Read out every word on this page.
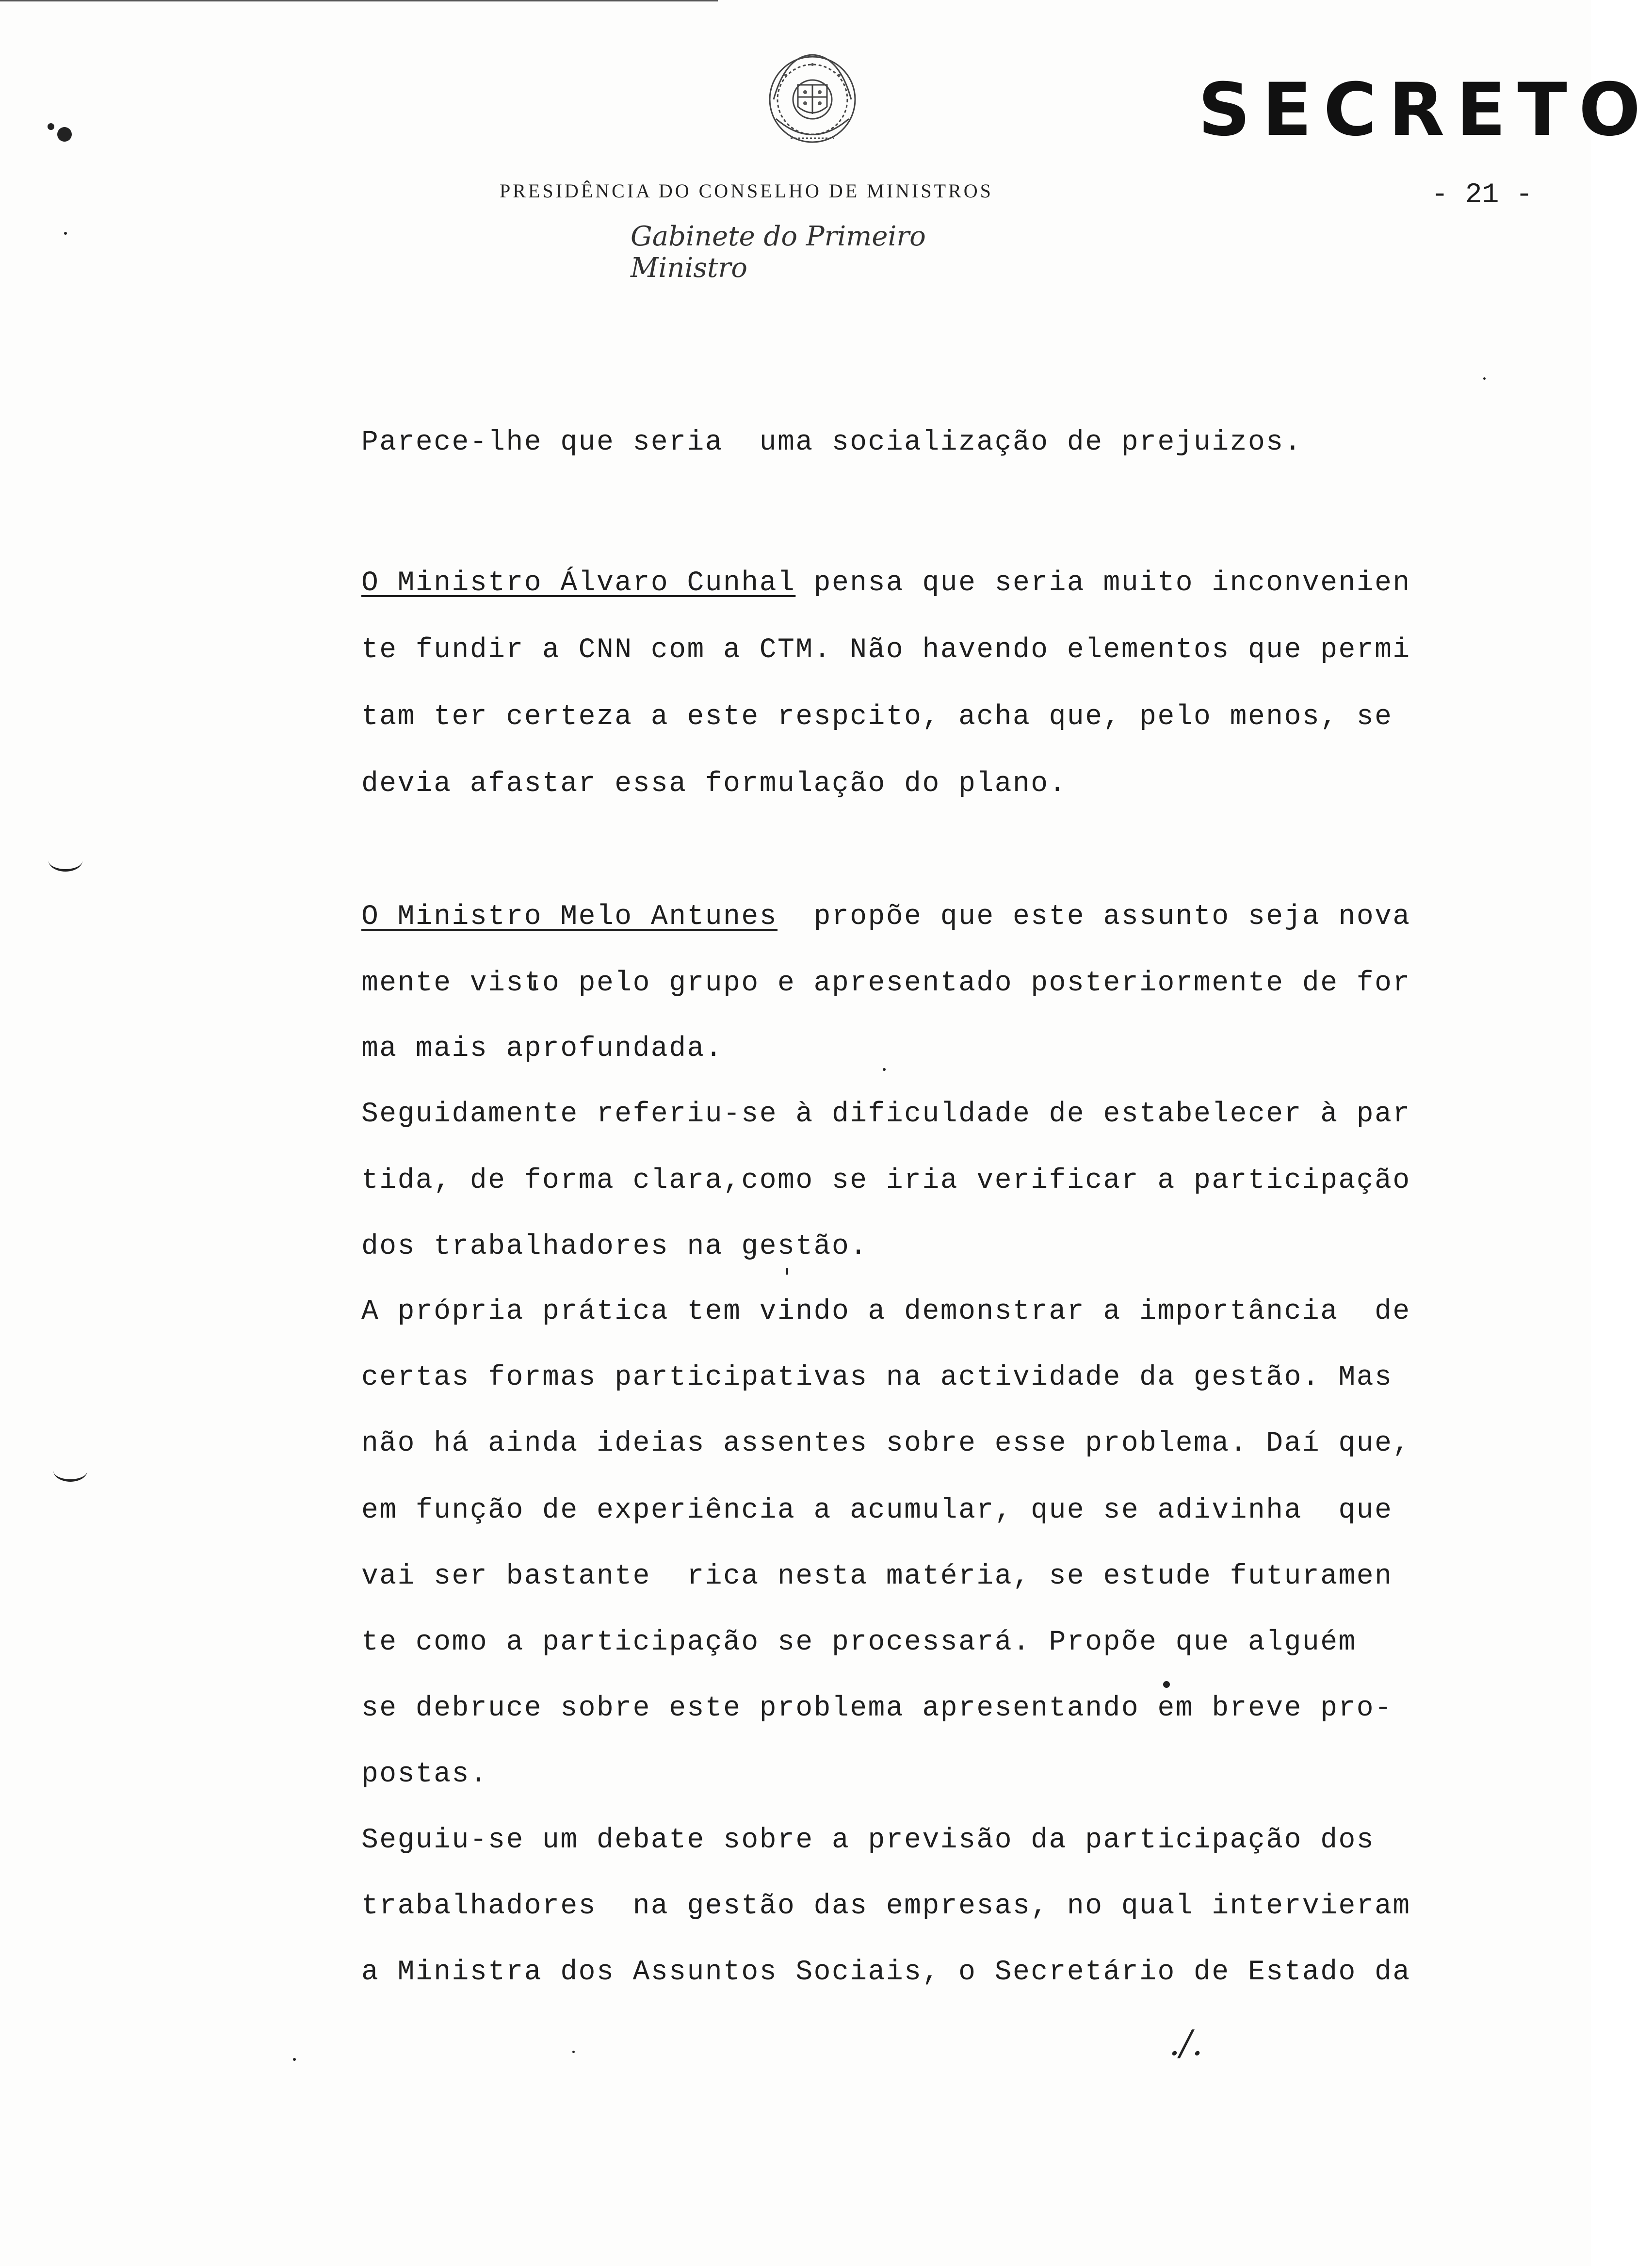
SECRETO
PRESIDÊNCIA DO CONSELHO DE MINISTROS
Gabinete do Primeiro Ministro
- 21 -
Parece-lhe que seria  uma socialização de prejuizos.
O Ministro Álvaro Cunhal pensa que seria muito inconvenien
te fundir a CNN com a CTM. Não havendo elementos que permi
tam ter certeza a este respcito, acha que, pelo menos, se
devia afastar essa formulação do plano.
O Ministro Melo Antunes  propõe que este assunto seja nova
mente visto pelo grupo e apresentado posteriormente de for
ma mais aprofundada.
Seguidamente referiu-se à dificuldade de estabelecer à par
tida, de forma clara,como se iria verificar a participação
dos trabalhadores na gestão.
A própria prática tem vindo a demonstrar a importância  de
certas formas participativas na actividade da gestão. Mas
não há ainda ideias assentes sobre esse problema. Daí que,
em função de experiência a acumular, que se adivinha  que
vai ser bastante  rica nesta matéria, se estude futuramen
te como a participação se processará. Propõe que alguém
se debruce sobre este problema apresentando em breve pro-
postas.
Seguiu-se um debate sobre a previsão da participação dos
trabalhadores  na gestão das empresas, no qual intervieram
a Ministra dos Assuntos Sociais, o Secretário de Estado da
./.
